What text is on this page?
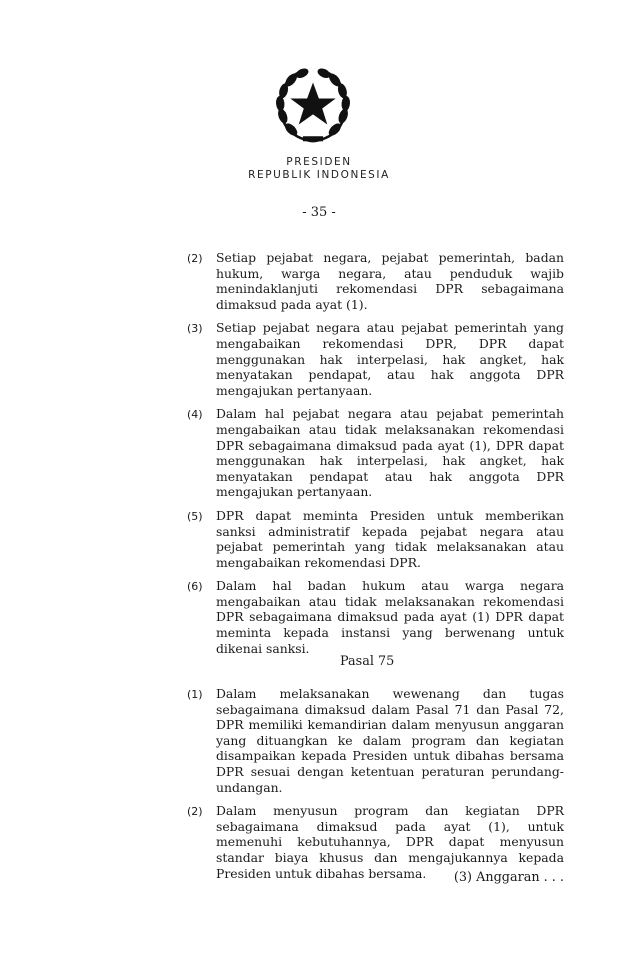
PRESIDEN
REPUBLIK INDONESIA
- 35 -
(2) Setiap pejabat negara, pejabat pemerintah, badan hukum, warga negara, atau penduduk wajib menindaklanjuti rekomendasi DPR sebagaimana dimaksud pada ayat (1).
(3) Setiap pejabat negara atau pejabat pemerintah yang mengabaikan rekomendasi DPR, DPR dapat menggunakan hak interpelasi, hak angket, hak menyatakan pendapat, atau hak anggota DPR mengajukan pertanyaan.
(4) Dalam hal pejabat negara atau pejabat pemerintah mengabaikan atau tidak melaksanakan rekomendasi DPR sebagaimana dimaksud pada ayat (1), DPR dapat menggunakan hak interpelasi, hak angket, hak menyatakan pendapat atau hak anggota DPR mengajukan pertanyaan.
(5) DPR dapat meminta Presiden untuk memberikan sanksi administratif kepada pejabat negara atau pejabat pemerintah yang tidak melaksanakan atau mengabaikan rekomendasi DPR.
(6) Dalam hal badan hukum atau warga negara mengabaikan atau tidak melaksanakan rekomendasi DPR sebagaimana dimaksud pada ayat (1) DPR dapat meminta kepada instansi yang berwenang untuk dikenai sanksi.
Pasal 75
(1) Dalam melaksanakan wewenang dan tugas sebagaimana dimaksud dalam Pasal 71 dan Pasal 72, DPR memiliki kemandirian dalam menyusun anggaran yang dituangkan ke dalam program dan kegiatan disampaikan kepada Presiden untuk dibahas bersama DPR sesuai dengan ketentuan peraturan perundang-undangan.
(2) Dalam menyusun program dan kegiatan DPR sebagaimana dimaksud pada ayat (1), untuk memenuhi kebutuhannya, DPR dapat menyusun standar biaya khusus dan mengajukannya kepada Presiden untuk dibahas bersama.	(3) Anggaran . . .
